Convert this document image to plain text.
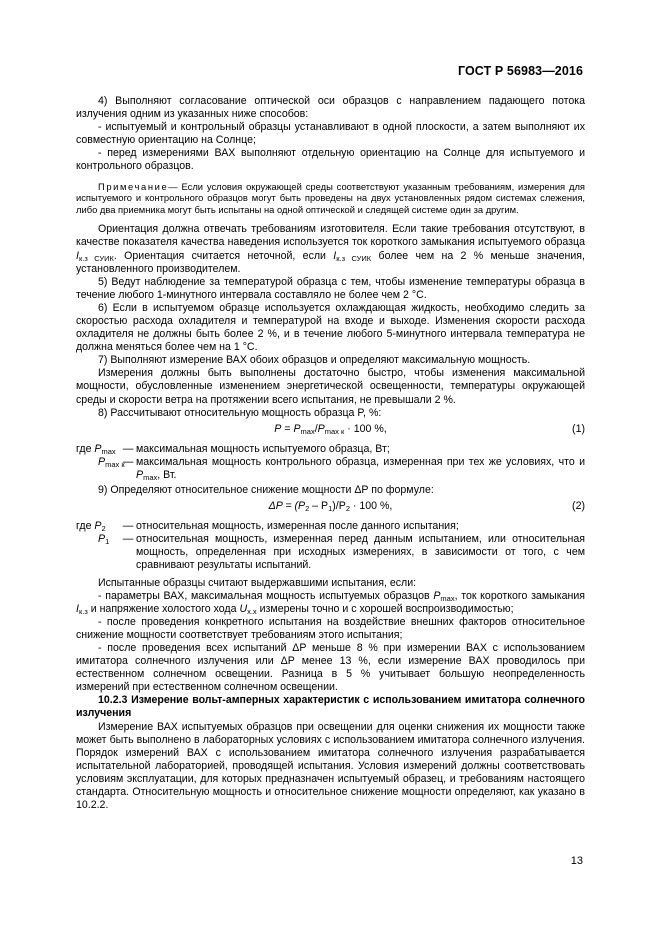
ГОСТ Р 56983—2016

4) Выполняют согласование оптической оси образцов с направлением падающего потока излучения одним из указанных ниже способов:

- испытуемый и контрольный образцы устанавливают в одной плоскости, а затем выполняют их совместную ориентацию на Солнце;

- перед измерениями ВАХ выполняют отдельную ориентацию на Солнце для испытуемого и контрольного образцов.

Примечание— Если условия окружающей среды соответствуют указанным требованиям, измерения для испытуемого и контрольного образцов могут быть проведены на двух установленных рядом системах слежения, либо два приемника могут быть испытаны на одной оптической и следящей системе один за другим.

Ориентация должна отвечать требованиям изготовителя. Если такие требования отсутствуют, в качестве показателя качества наведения используется ток короткого замыкания испытуемого образца $I_{к.з СУИК}$. Ориентация считается неточной, если $I_{к.з СУИК}$ более чем на 2 % меньше значения, установленного производителем.

5) Ведут наблюдение за температурой образца с тем, чтобы изменение температуры образца в течение любого 1-минутного интервала составляло не более чем 2 °С.

6) Если в испытуемом образце используется охлаждающая жидкость, необходимо следить за скоростью расхода охладителя и температурой на входе и выходе. Изменения скорости расхода охладителя не должны быть более 2 %, и в течение любого 5-минутного интервала температура не должна меняться более чем на 1 °С.

7) Выполняют измерение ВАХ обоих образцов и определяют максимальную мощность.

Измерения должны быть выполнены достаточно быстро, чтобы изменения максимальной мощности, обусловленные изменением энергетической освещенности, температуры окружающей среды и скорости ветра на протяжении всего испытания, не превышали 2 %.

8) Рассчитывают относительную мощность образца P, %:

$P = P_{max}/P_{max к} \cdot 100$ %,	(1)
где $P_{max}$ — максимальная мощность испытуемого образца, Вт;
$P_{max к}$
— максимальная мощность контрольного образца, измеренная при тех же условиях, что и $P_{max}$, Вт.

9) Определяют относительное снижение мощности ΔP по формуле:

$\Delta P = (P_2 - P_1)/P_2 \cdot 100$ %,	(2)
где $P_2$	— относительная мощность, измеренная после данного испытания;
$P_1$	— относительная мощность, измеренная перед данным испытанием, или относительная мощность, определенная при исходных измерениях, в зависимости от того, с чем сравнивают результаты испытаний.

Испытанные образцы считают выдержавшими испытания, если:

- параметры ВАХ, максимальная мощность испытуемых образцов $P_{max}$, ток короткого замыкания $I_{к.з}$ и напряжение холостого хода $U_{х.х}$ измерены точно и с хорошей воспроизводимостью;

- после проведения конкретного испытания на воздействие внешних факторов относительное снижение мощности соответствует требованиям этого испытания;

- после проведения всех испытаний ΔP меньше 8 % при измерении ВАХ с использованием имитатора солнечного излучения или ΔP менее 13 %, если измерение ВАХ проводилось при естественном солнечном освещении. Разница в 5 % учитывает большую неопределенность измерений при естественном солнечном освещении.

10.2.3 Измерение вольт-амперных характеристик с использованием имитатора солнечного излучения

Измерение ВАХ испытуемых образцов при освещении для оценки снижения их мощности также может быть выполнено в лабораторных условиях с использованием имитатора солнечного излучения. Порядок измерений ВАХ с использованием имитатора солнечного излучения разрабатывается испытательной лабораторией, проводящей испытания. Условия измерений должны соответствовать условиям эксплуатации, для которых предназначен испытуемый образец, и требованиям настоящего стандарта. Относительную мощность и относительное снижение мощности определяют, как указано в 10.2.2.

13
